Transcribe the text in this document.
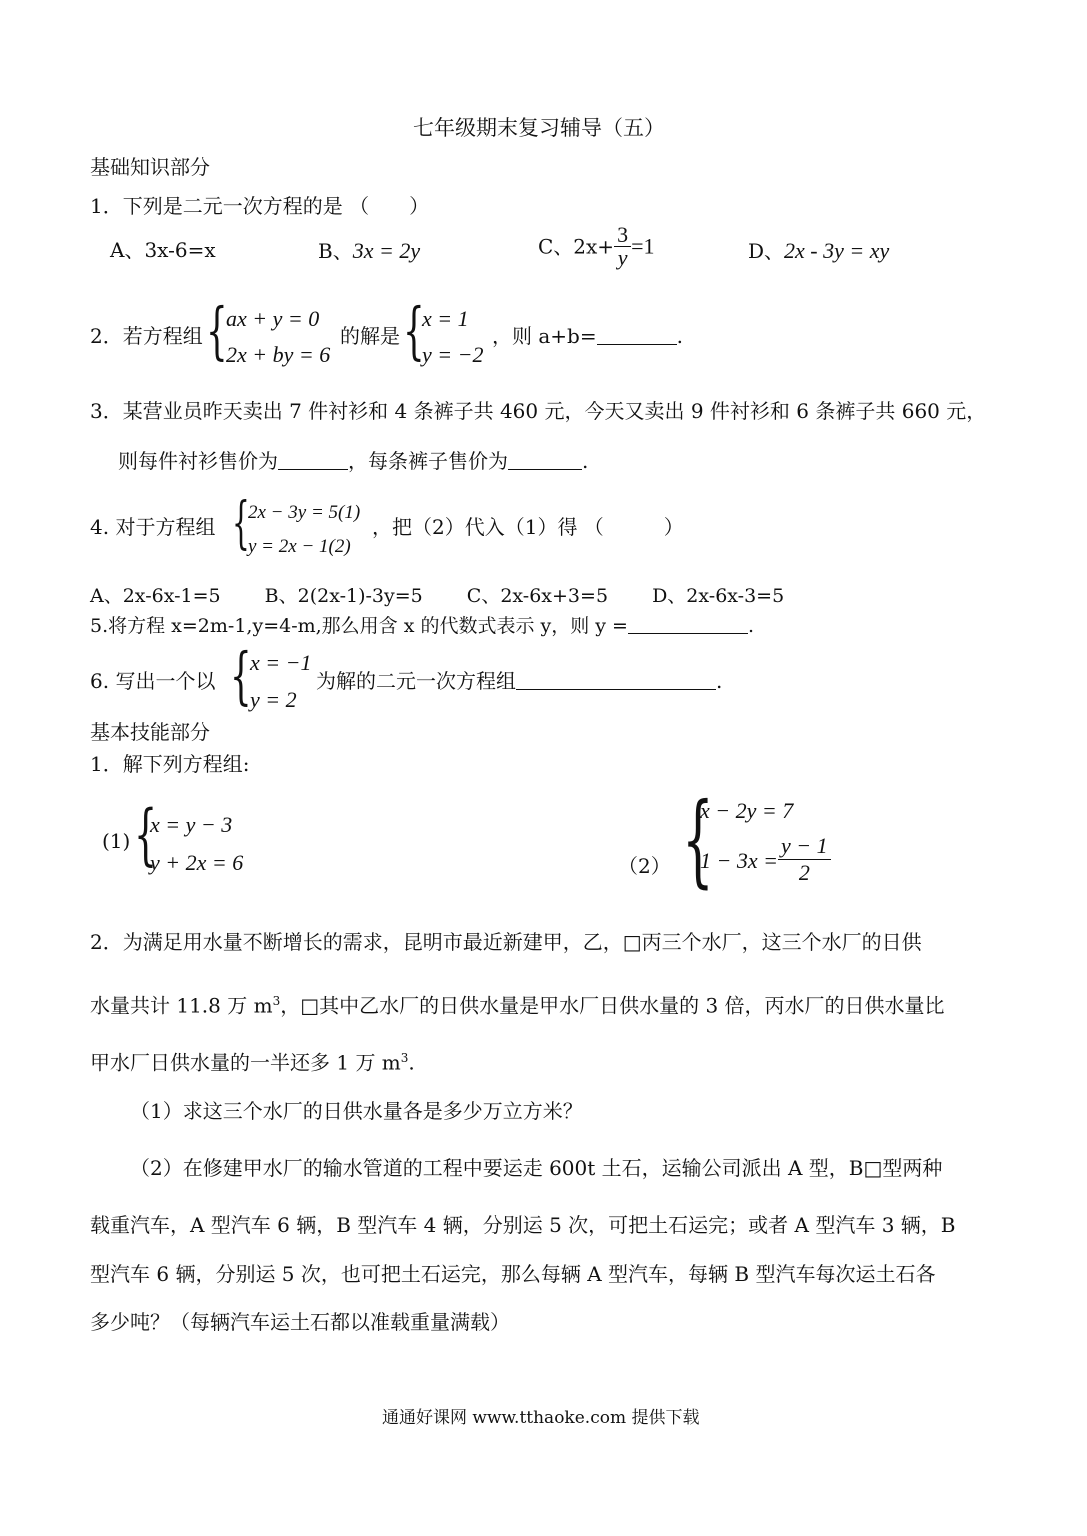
七年级期末复习辅导（五）
基础知识部分
1．下列是二元一次方程的是 （　　）
A、3x-6=x	B、3x = 2y	C、$2x+ \frac{3}{y} =1$	D、2x - 3y = xy
2．若方程组 {
ax + y = 0
2x + by = 6
的解是 {
x = 1
y = −2
，则 a+b=	.
3．某营业员昨天卖出 7 件衬衫和 4 条裤子共 460 元，今天又卖出 9 件衬衫和 6 条裤子共 660 元，
则每件衬衫售价为	，每条裤子售价为	.
4. 对于方程组 {
2x − 3y = 5(1)
y = 2x − 1(2)
，把（2）代入（1）得 （　　　）
A、2x-6x-1=5　 　B、2(2x-1)-3y=5　 　C、2x-6x+3=5　 　D、2x-6x-3=5
5.将方程 x=2m-1,y=4-m,那么用含 x 的代数式表示 y，则 y =	.
6. 写出一个以 {
x = −1
y = 2
为解的二元一次方程组	.
基本技能部分
1．解下列方程组:
(1) {
x = y − 3
y + 2x = 6	（2） {
x − 2y = 7
$1 - 3x = \frac{y - 1}{2}$
2．为满足用水量不断增长的需求，昆明市最近新建甲，乙，□丙三个水厂，这三个水厂的日供
水量共计 11.8 万 $m^3$，□其中乙水厂的日供水量是甲水厂日供水量的 3 倍，丙水厂的日供水量比
甲水厂日供水量的一半还多 1 万 $m^3$.
（1）求这三个水厂的日供水量各是多少万立方米？
（2）在修建甲水厂的输水管道的工程中要运走 600t 土石，运输公司派出 A 型，B□型两种
载重汽车，A 型汽车 6 辆，B 型汽车 4 辆，分别运 5 次，可把土石运完；或者 A 型汽车 3 辆，B
型汽车 6 辆，分别运 5 次，也可把土石运完，那么每辆 A 型汽车，每辆 B 型汽车每次运土石各
多少吨？（每辆汽车运土石都以准载重量满载）
通通好课网 www.tthaoke.com 提供下载
